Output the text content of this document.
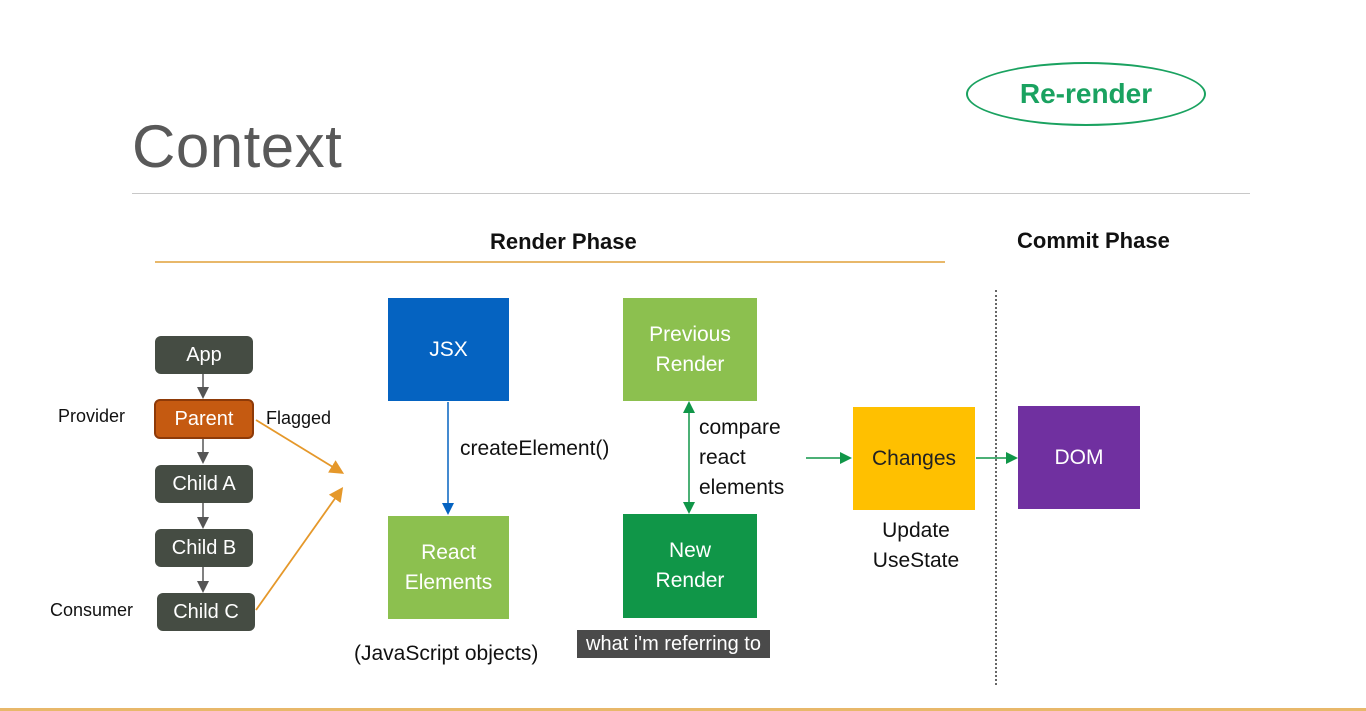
Context
Re-render
Render Phase	Commit Phase
App
Parent
Child A
Child B
Child C
Provider	Flagged
Consumer
JSX
createElement()
React Elements
(JavaScript objects)
Previous Render
compare react elements
New Render
Changes
Update UseState
DOM
what i'm referring to
